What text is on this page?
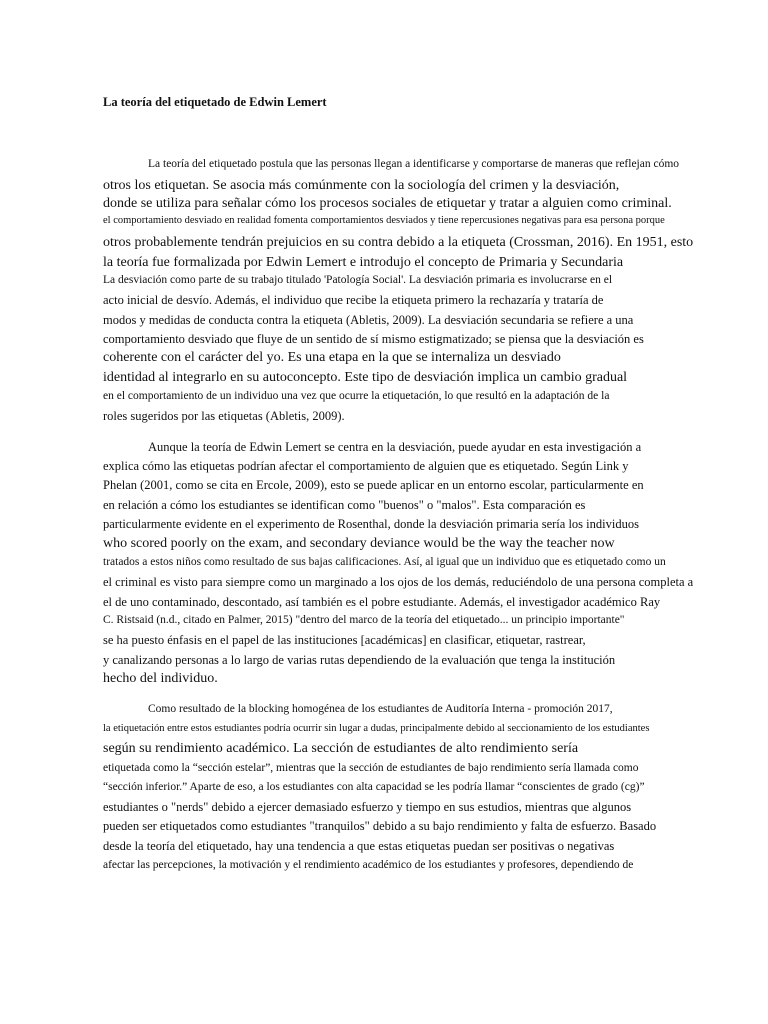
La teoría del etiquetado de Edwin Lemert
La teoría del etiquetado postula que las personas llegan a identificarse y comportarse de maneras que reflejan cómo
otros los etiquetan. Se asocia más comúnmente con la sociología del crimen y la desviación,
donde se utiliza para señalar cómo los procesos sociales de etiquetar y tratar a alguien como criminal.
el comportamiento desviado en realidad fomenta comportamientos desviados y tiene repercusiones negativas para esa persona porque
otros probablemente tendrán prejuicios en su contra debido a la etiqueta (Crossman, 2016). En 1951, esto
la teoría fue formalizada por Edwin Lemert e introdujo el concepto de Primaria y Secundaria
La desviación como parte de su trabajo titulado 'Patología Social'. La desviación primaria es involucrarse en el
acto inicial de desvío. Además, el individuo que recibe la etiqueta primero la rechazaría y trataría de
modos y medidas de conducta contra la etiqueta (Abletis, 2009). La desviación secundaria se refiere a una
comportamiento desviado que fluye de un sentido de sí mismo estigmatizado; se piensa que la desviación es
coherente con el carácter del yo. Es una etapa en la que se internaliza un desviado
identidad al integrarlo en su autoconcepto. Este tipo de desviación implica un cambio gradual
en el comportamiento de un individuo una vez que ocurre la etiquetación, lo que resultó en la adaptación de la
roles sugeridos por las etiquetas (Abletis, 2009).
Aunque la teoría de Edwin Lemert se centra en la desviación, puede ayudar en esta investigación a
explica cómo las etiquetas podrían afectar el comportamiento de alguien que es etiquetado. Según Link y
Phelan (2001, como se cita en Ercole, 2009), esto se puede aplicar en un entorno escolar, particularmente en
en relación a cómo los estudiantes se identifican como "buenos" o "malos". Esta comparación es
particularmente evidente en el experimento de Rosenthal, donde la desviación primaria sería los individuos
who scored poorly on the exam, and secondary deviance would be the way the teacher now
tratados a estos niños como resultado de sus bajas calificaciones. Así, al igual que un individuo que es etiquetado como un
el criminal es visto para siempre como un marginado a los ojos de los demás, reduciéndolo de una persona completa a
el de uno contaminado, descontado, así también es el pobre estudiante. Además, el investigador académico Ray
C. Ristsaid (n.d., citado en Palmer, 2015) "dentro del marco de la teoría del etiquetado... un principio importante"
se ha puesto énfasis en el papel de las instituciones [académicas] en clasificar, etiquetar, rastrear,
y canalizando personas a lo largo de varias rutas dependiendo de la evaluación que tenga la institución
hecho del individuo.
Como resultado de la blocking homogénea de los estudiantes de Auditoría Interna - promoción 2017,
la etiquetación entre estos estudiantes podría ocurrir sin lugar a dudas, principalmente debido al seccionamiento de los estudiantes
según su rendimiento académico. La sección de estudiantes de alto rendimiento sería
etiquetada como la “sección estelar”, mientras que la sección de estudiantes de bajo rendimiento sería llamada como
“sección inferior.” Aparte de eso, a los estudiantes con alta capacidad se les podría llamar “conscientes de grado (cg)”
estudiantes o "nerds" debido a ejercer demasiado esfuerzo y tiempo en sus estudios, mientras que algunos
pueden ser etiquetados como estudiantes "tranquilos" debido a su bajo rendimiento y falta de esfuerzo. Basado
desde la teoría del etiquetado, hay una tendencia a que estas etiquetas puedan ser positivas o negativas
afectar las percepciones, la motivación y el rendimiento académico de los estudiantes y profesores, dependiendo de
